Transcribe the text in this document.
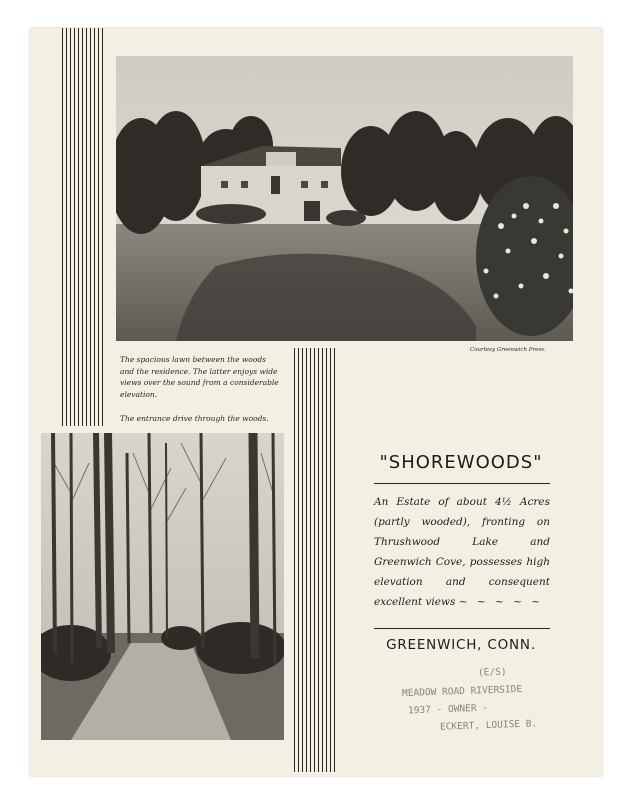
Courtesy Greenwich Press.
The spacious lawn between the woods and the residence. The latter enjoys wide views over the sound from a considerable elevation.
The entrance drive through the woods.
"SHOREWOODS"
An Estate of about 4½ Acres (partly wooded), fronting on Thrushwood Lake and Greenwich Cove, possesses high elevation and consequent excellent views ~ ~ ~ ~ ~
GREENWICH, CONN.
(E/S)
MEADOW ROAD RIVERSIDE
1937 - OWNER -
ECKERT, LOUISE B.
